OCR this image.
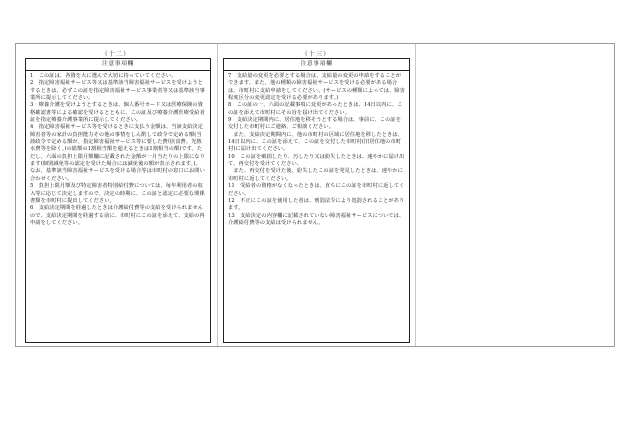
（十二）
注意事項欄

1　この証は、各資を大に選んで大切に持っていてください。

2　指定障害福祉サービス等又は基準該当障害福祉サービスを受けようとするときは、必ずこの証を指定障害福祉サービス事業者等又は基準該当事業所に提示してください。

3　療養介護を受けようとするときは、個人番号カード又は医療保険の資格確認書等による確認を受けるとともに、この証及び療養介護医療受給者証を指定療養介護事業所に提示してください。

4　指定障害福祉サービス等を受けるときに支払う金額は、当該支給決定障害者等の家計の負担能力その他の事情をしん酌して政令で定める額(当該政令で定める額が、指定障害福祉サービス等に要した費用(食費、光熱水費等を除く。)の総額の1割相当額を超えるときは1割相当の額)です。ただし、六面の負担上限月額欄に記載された金額が一月当たりの上限になります(個別減免等の認定を受けた場合には減免後の額が表示されます。)。なお、基準該当障害福祉サービスを受ける場合等は市町村の窓口にお問い合わせください。

5　負担上限月額及び特定障害者特別給付費については、毎年利用者の収入等に応じて決定しますので、決定の時期に、この証と認定に必要な関係書類を市町村に提出してください。

6　支給決定期間を経過したときは介護給付費等の支給を受けられませんので、支給決定期間を経過する前に、市町村にこの証を添えて、支給の再申請をしてください。

（十三）
注意事項欄

7　支給量の変更を必要とする場合は、支給量の変更の申請をすることができます。また、他の種類の障害福祉サービスを受ける必要がある場合は、市町村に支給申請をしてください。(サービスの種類によっては、障害程度区分の変更認定を受ける必要があります。)

8　この証の一、六面の記載事項に変更があったときは、14日以内に、この証を添えて市町村にその旨を届け出てください。

9　支給決定期間内に、居住地を移そうとする場合は、事前に、この証を交付した市町村にご連絡、ご相談ください。

　また、支給決定期間内に、他の市町村の区域に居住地を移したときは、14日以内に、この証を添えて、この証を交付した市町村(旧居住地の市町村)に届け出てください。

10　この証を破損したり、汚したり又は紛失したときは、速やかに届け出て、再交付を受けてください。

　また、再交付を受けた後、紛失したこの証を発見したときは、速やかに市町村に返してください。

11　受給者の資格がなくなったときは、直ちにこの証を市町村に返してください。

12　不正にこの証を使用した者は、刑罰法令により処罰されることがあります。

13　支給決定の内容欄に記載されていない障害福祉サービスについては、介護給付費等の支給は受けられません。
